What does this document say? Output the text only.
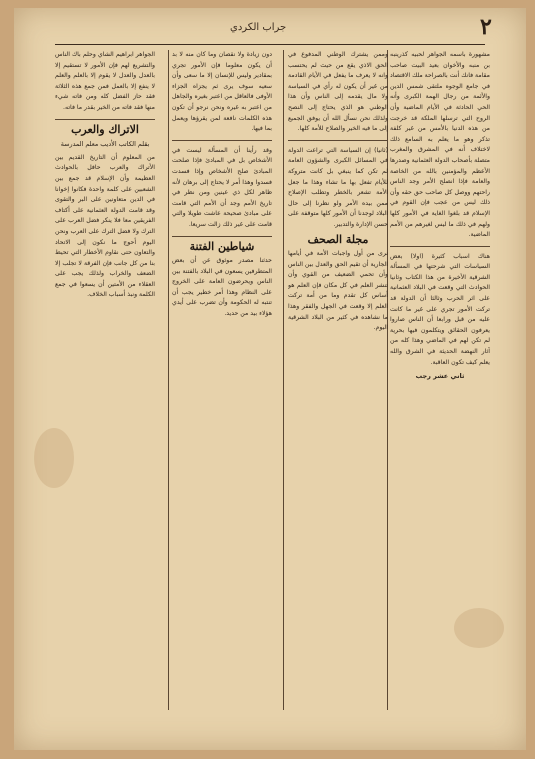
٢
جراب الكردي
مشهورة باسمه الجواهر لحبيه كذرينبه بن منبه والأخوان بعيد البيت صاحب مقامة فانك أنت بالصراحة ملك الاقتصاد في جامع الوجوه ملتقى شمس الدين والأئمة من رجال الهمة الكبرى وأنه الحي الحادثة في الأيام الماضية وأن الروح التي ترسلها الملكة قد خرجت من هذه الدنيا بالأمس من غير كلفة تذكر وهو ما يعلم به السامع ذلك لاختلاف أنه في المشرق والمغرب متصلة بأصحاب الدولة العثمانية وصدرها الأعظم والمؤمنين بالله من الخاصة والعامة فإذا انصلح الأمر وجد الناس راحتهم ووصل كل صاحب حق حقه وأن ذلك ليس من عجب فإن القوم في الإسلام قد بلغوا الغاية في الأمور كلها ولهم في ذلك ما ليس لغيرهم من الأمم الماضية.
هناك اسباب كثيرة (اولا) بعض السياسات التي شرحتها في المسألة الشرقية الأخيرة من هذا الكتاب وثانيا الحوادث التي وقعت في البلاد العثمانية على اثر الحرب وثالثا أن الدولة قد تركت الأمور تجري على غير ما كانت عليه من قبل ورابعا أن الناس صاروا يعرفون الحقائق ويتكلمون فيها بحرية لم تكن لهم في الماضي وهذا كله من آثار النهضة الحديثة في الشرق والله يعلم كيف تكون العاقبة.
ثاني عشر رجب
وممن يشترك الوطني المدفوع في الحق الاذي يقع من حيث لم يحتسب وانه لا يعرف ما يفعل في الأيام القادمة من غير أن يكون له رأي في السياسة ولا مال يقدمه إلى الناس وأن هذا الوطني هو الذي يحتاج إلى النصح ولذلك نحن نسأل الله أن يوفق الجميع إلى ما فيه الخير والصلاح للأمة كلها.
(ثانيا) إن السياسة التي تراعت الدولة في المسائل الكبرى والشؤون العامة لم تكن كما ينبغي بل كانت متروكة للأيام تفعل بها ما تشاء وهذا ما جعل الأمة تشعر بالخطر وتطلب الإصلاح ممن بيده الأمر ولو نظرنا إلى حال البلاد لوجدنا أن الأمور كلها متوقفة على حسن الإدارة والتدبير.
مجلة الصحف
نرى من أول واجبات الأمة في أيامها الجارية أن تقيم الحق والعدل بين الناس وأن تحمي الضعيف من القوي وأن تنشر العلم في كل مكان فإن العلم هو أساس كل تقدم وما من أمة تركت العلم إلا وقعت في الجهل والفقر وهذا ما نشاهده في كثير من البلاد الشرقية اليوم.
دون زيادة ولا نقصان وما كان منه لا بد أن يكون معلوما فإن الأمور تجري بمقادير وليس للإنسان إلا ما سعى وأن سعيه سوف يرى ثم يجزاه الجزاء الأوفى فالعاقل من اعتبر بغيره والجاهل من اعتبر به غيره ونحن نرجو أن تكون هذه الكلمات نافعة لمن يقرؤها ويعمل بما فيها.
وقد رأينا أن المسألة ليست في الأشخاص بل في المبادئ فإذا صلحت المبادئ صلح الأشخاص وإذا فسدت فسدوا وهذا أمر لا يحتاج إلى برهان لأنه ظاهر لكل ذي عينين ومن نظر في تاريخ الأمم وجد أن الأمم التي قامت على مبادئ صحيحة عاشت طويلا والتي قامت على غير ذلك زالت سريعا.
شياطين الفتنة
حدثنا مصدر موثوق عن أن بعض المتطرفين يسعون في البلاد بالفتنة بين الناس ويحرضون العامة على الخروج على النظام وهذا أمر خطير يجب أن تنتبه له الحكومة وأن تضرب على أيدي هؤلاء بيد من حديد.
الجواهر ابراهيم الشاي وحلم باك الناس والتشريع لهم فإن الأمور لا تستقيم إلا بالعدل والعدل لا يقوم إلا بالعلم والعلم لا ينفع إلا بالعمل فمن جمع هذه الثلاثة فقد حاز الفضل كله ومن فاته شيء منها فقد فاته من الخير بقدر ما فاته.
الاتراك والعرب
بقلم الكاتب الأديب معلم المدرسة
من المعلوم أن التاريخ القديم بين الأتراك والعرب حافل بالحوادث العظيمة وأن الإسلام قد جمع بين الشعبين على كلمة واحدة فكانوا إخوانا في الدين متعاونين على البر والتقوى وقد قامت الدولة العثمانية على أكتاف الفريقين معا فلا ينكر فضل العرب على الترك ولا فضل الترك على العرب ونحن اليوم أحوج ما نكون إلى الاتحاد والتعاون حتى نقاوم الأخطار التي تحيط بنا من كل جانب فإن الفرقة لا تجلب إلا الضعف والخراب ولذلك يجب على العقلاء من الأمتين أن يسعوا في جمع الكلمة ونبذ أسباب الخلاف.
